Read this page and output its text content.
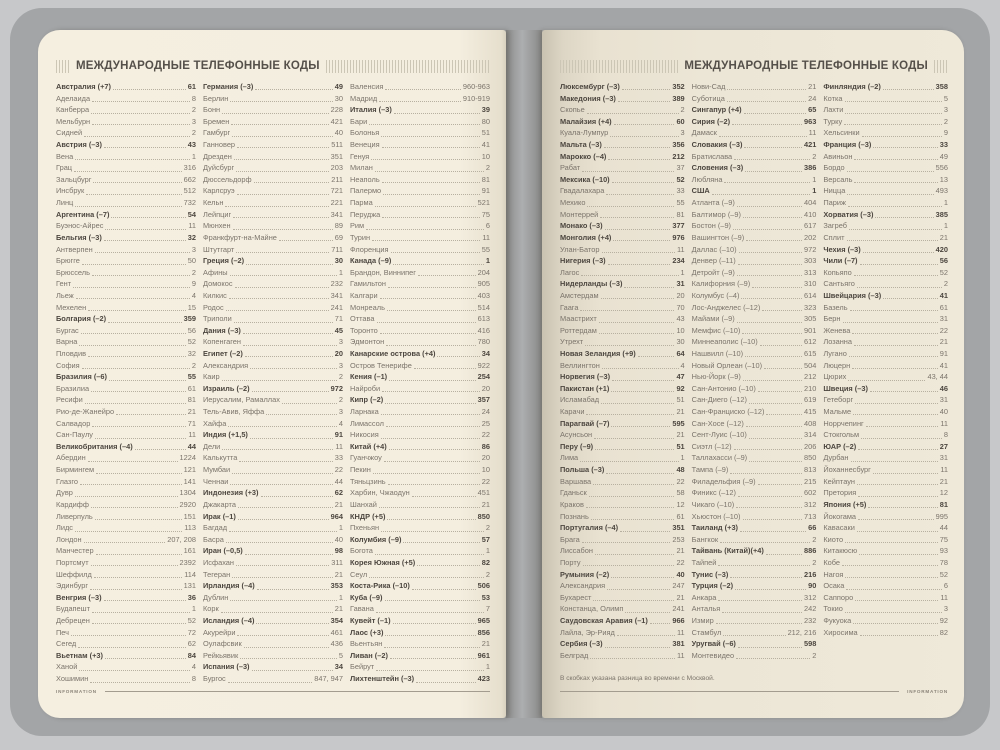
МЕЖДУНАРОДНЫЕ ТЕЛЕФОННЫЕ КОДЫ
Австралия (+7)	61
Аделаида	8
Канберра	2
Мельбурн	3
Сидней	2
Австрия (–3)	43
Вена	1
Грац	316
Зальцбург	662
Инсбрук	512
Линц	732
Аргентина (–7)	54
Буэнос-Айрес	11
Бельгия (–3)	32
Антверпен	3
Брюгге	50
Брюссель	2
Гент	9
Льеж	4
Мехелен	15
Болгария (–2)	359
Бургас	56
Варна	52
Пловдив	32
София	2
Бразилия (–6)	55
Бразилиа	61
Ресифи	81
Рио-де-Жанейро	21
Салвадор	71
Сан-Паулу	11
Великобритания (–4)	44
Абердин	1224
Бирмингем	121
Глазго	141
Дувр	1304
Кардифф	2920
Ливерпуль	151
Лидс	113
Лондон	207, 208
Манчестер	161
Портсмут	2392
Шеффилд	114
Эдинбург	131
Венгрия (–3)	36
Будапешт	1
Дебрецен	52
Печ	72
Сегед	62
Вьетнам (+3)	84
Ханой	4
Хошимин	8
Германия (–3)	49
Берлин	30
Бонн	228
Бремен	421
Гамбург	40
Ганновер	511
Дрезден	351
Дуйсбург	203
Дюссельдорф	211
Карлсруэ	721
Кельн	221
Лейпциг	341
Мюнхен	89
Франкфурт-на-Майне	69
Штутгарт	711
Греция (–2)	30
Афины	1
Домокос	232
Килкис	341
Родос	241
Триполи	71
Дания (–3)	45
Копенгаген	3
Египет (–2)	20
Александрия	3
Каир	2
Израиль (–2)	972
Иерусалим, Рамаллах	2
Тель-Авив, Яффа	3
Хайфа	4
Индия (+1,5)	91
Дели	11
Калькутта	33
Мумбаи	22
Ченнаи	44
Индонезия (+3)	62
Джакарта	21
Ирак (–1)	964
Багдад	1
Басра	40
Иран (–0,5)	98
Исфахан	311
Тегеран	21
Ирландия (–4)	353
Дублин	1
Корк	21
Исландия (–4)	354
Акурейри	461
Оулафсвик	436
Рейкьявик	5
Испания (–3)	34
Бургос	847, 947
Валенсия	960-963
Мадрид	910-919
Италия (–3)	39
Бари	80
Болонья	51
Венеция	41
Генуя	10
Милан	2
Неаполь	81
Палермо	91
Парма	521
Перуджа	75
Рим	6
Турин	11
Флоренция	55
Канада (–9)	1
Брандон, Виннипег	204
Гамильтон	905
Калгари	403
Монреаль	514
Оттава	613
Торонто	416
Эдмонтон	780
Канарские острова (+4)	34
Остров Тенерифе	922
Кения (–1)	254
Найроби	20
Кипр (–2)	357
Ларнака	24
Лимассол	25
Никосия	22
Китай (+4)	86
Гуанчжоу	20
Пекин	10
Тяньцзинь	22
Харбин, Чжаодун	451
Шанхай	21
КНДР (+5)	850
Пхеньян	2
Колумбия (–9)	57
Богота	1
Корея Южная (+5)	82
Сеул	2
Коста-Рика (–10)	506
Куба (–9)	53
Гавана	7
Кувейт (–1)	965
Лаос (+3)	856
Вьентьян	21
Ливан (–2)	961
Бейрут	1
Лихтенштейн (–3)	423
INFORMATION
МЕЖДУНАРОДНЫЕ ТЕЛЕФОННЫЕ КОДЫ
Люксембург (–3)	352
Македония (–3)	389
Скопье	2
Малайзия (+4)	60
Куала-Лумпур	3
Мальта (–3)	356
Марокко (–4)	212
Рабат	37
Мексика (–10)	52
Гвадалахара	33
Мехико	55
Монтеррей	81
Монако (–3)	377
Монголия (+4)	976
Улан-Батор	11
Нигерия (–3)	234
Лагос	1
Нидерланды (–3)	31
Амстердам	20
Гаага	70
Маастрихт	43
Роттердам	10
Утрехт	30
Новая Зеландия (+9)	64
Веллингтон	4
Норвегия (–3)	47
Пакистан (+1)	92
Исламабад	51
Карачи	21
Парагвай (–7)	595
Асунсьон	21
Перу (–9)	51
Лима	1
Польша (–3)	48
Варшава	22
Гданьск	58
Краков	12
Познань	61
Португалия (–4)	351
Брага	253
Лиссабон	21
Порту	22
Румыния (–2)	40
Александрия	247
Бухарест	21
Констанца, Олимп	241
Саудовская Аравия (–1)	966
Лайла, Эр-Рияд	11
Сербия (–3)	381
Белград	11
Нови-Сад	21
Суботица	24
Сингапур (+4)	65
Сирия (–2)	963
Дамаск	11
Словакия (–3)	421
Братислава	2
Словения (–3)	386
Любляна	1
США	1
Атланта (–9)	404
Балтимор (–9)	410
Бостон (–9)	617
Вашингтон (–9)	202
Даллас (–10)	972
Денвер (–11)	303
Детройт (–9)	313
Калифорния (–9)	310
Колумбус (–4)	614
Лос-Анджелес (–12)	323
Майами (–9)	305
Мемфис (–10)	901
Миннеаполис (–10)	612
Нашвилл (–10)	615
Новый Орлеан (–10)	504
Нью-Йорк (–9)	212
Сан-Антонио (–10)	210
Сан-Диего (–12)	619
Сан-Франциско (–12)	415
Сан-Хосе (–12)	408
Сент-Луис (–10)	314
Сиэтл (–12)	206
Таллахасси (–9)	850
Тампа (–9)	813
Филадельфия (–9)	215
Финикс (–12)	602
Чикаго (–10)	312
Хьюстон (–10)	713
Таиланд (+3)	66
Бангкок	2
Тайвань (Китай)(+4)	886
Тайпей	2
Тунис (–3)	216
Турция (–2)	90
Анкара	312
Анталья	242
Измир	232
Стамбул	212, 216
Уругвай (–6)	598
Монтевидео	2
Финляндия (–2)	358
Котка	5
Лахти	3
Турку	2
Хельсинки	9
Франция (–3)	33
Авиньон	49
Бордо	556
Версаль	13
Ницца	493
Париж	1
Хорватия (–3)	385
Загреб	1
Сплит	21
Чехия (–3)	420
Чили (–7)	56
Копьяпо	52
Сантьяго	2
Швейцария (–3)	41
Базель	61
Берн	31
Женева	22
Лозанна	21
Лугано	91
Люцерн	41
Цюрих	43, 44
Швеция (–3)	46
Гетеборг	31
Мальме	40
Норрчепинг	11
Стокгольм	8
ЮАР (–2)	27
Дурбан	31
Йоханнесбург	11
Кейптаун	21
Претория	12
Япония (+5)	81
Йокогама	995
Кавасаки	44
Киото	75
Китакюсю	93
Кобе	78
Нагоя	52
Осака	6
Саппоро	11
Токио	3
Фукуока	92
Хиросима	82
В скобках указана разница во времени с Москвой.
INFORMATION
